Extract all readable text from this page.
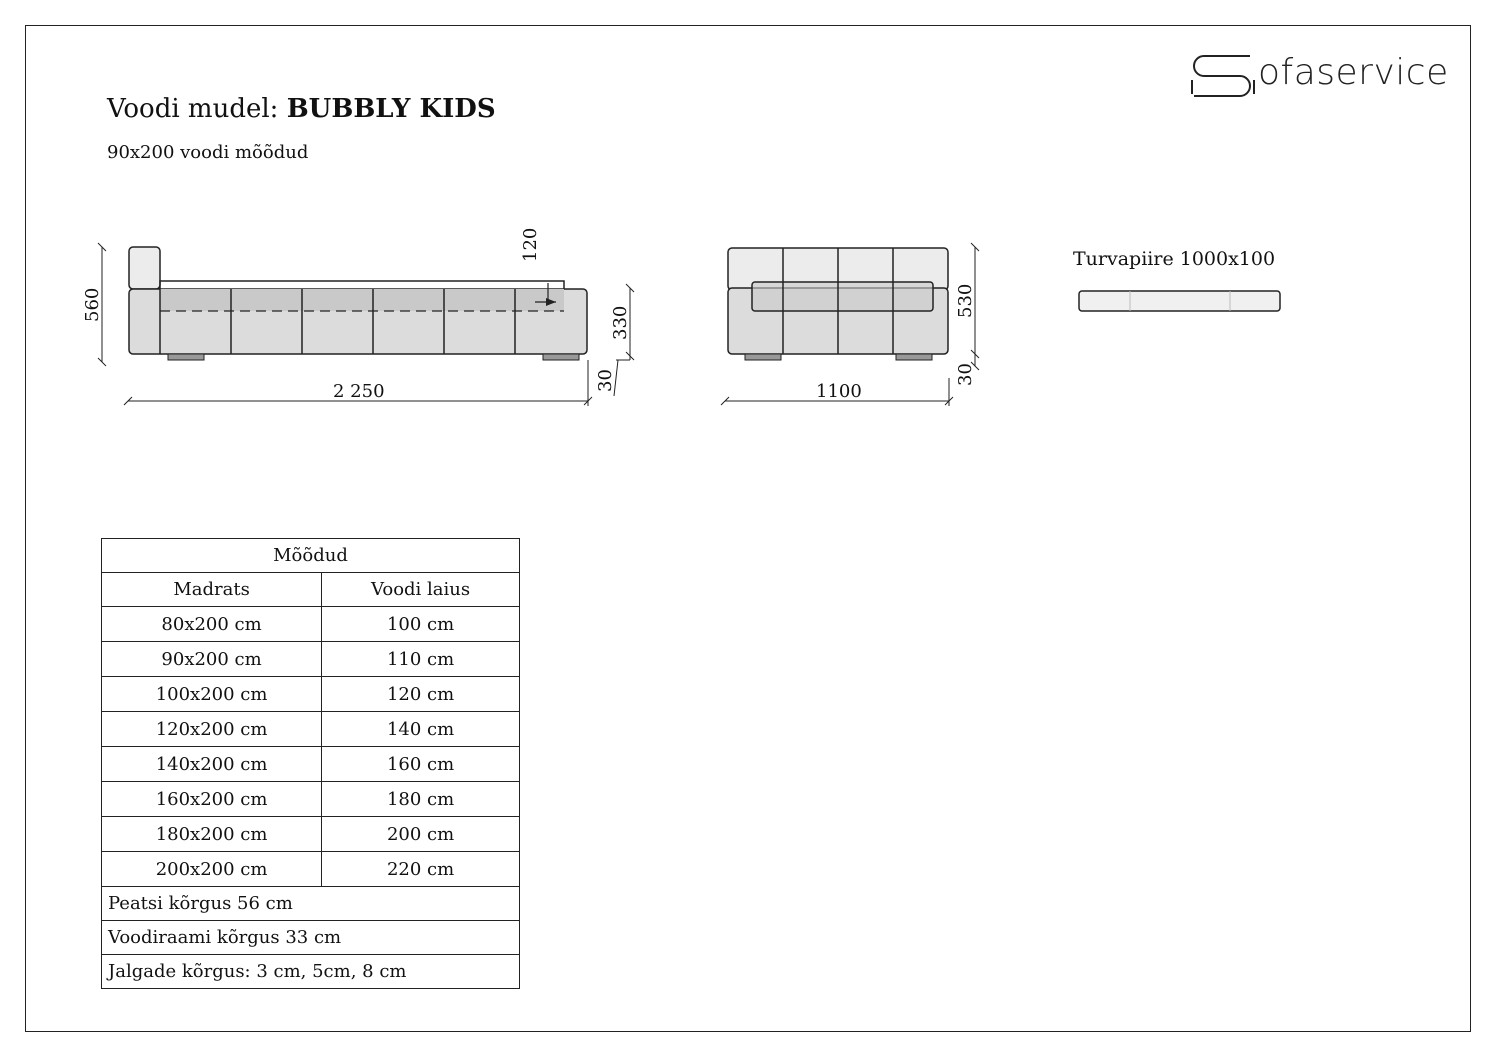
Voodi mudel: BUBBLY KIDS
90x200 voodi mõõdud
ofaservice
120
560
330
30
2 250
530
30
1100
Turvapiire 1000x100
Mõõdud	
Madrats	Voodi laius
80x200 cm	100 cm
90x200 cm	110 cm
100x200 cm	120 cm
120x200 cm	140 cm
140x200 cm	160 cm
160x200 cm	180 cm
180x200 cm	200 cm
200x200 cm	220 cm
Peatsi kõrgus 56 cm	
Voodiraami kõrgus 33 cm	
Jalgade kõrgus: 3 cm, 5cm, 8 cm	
